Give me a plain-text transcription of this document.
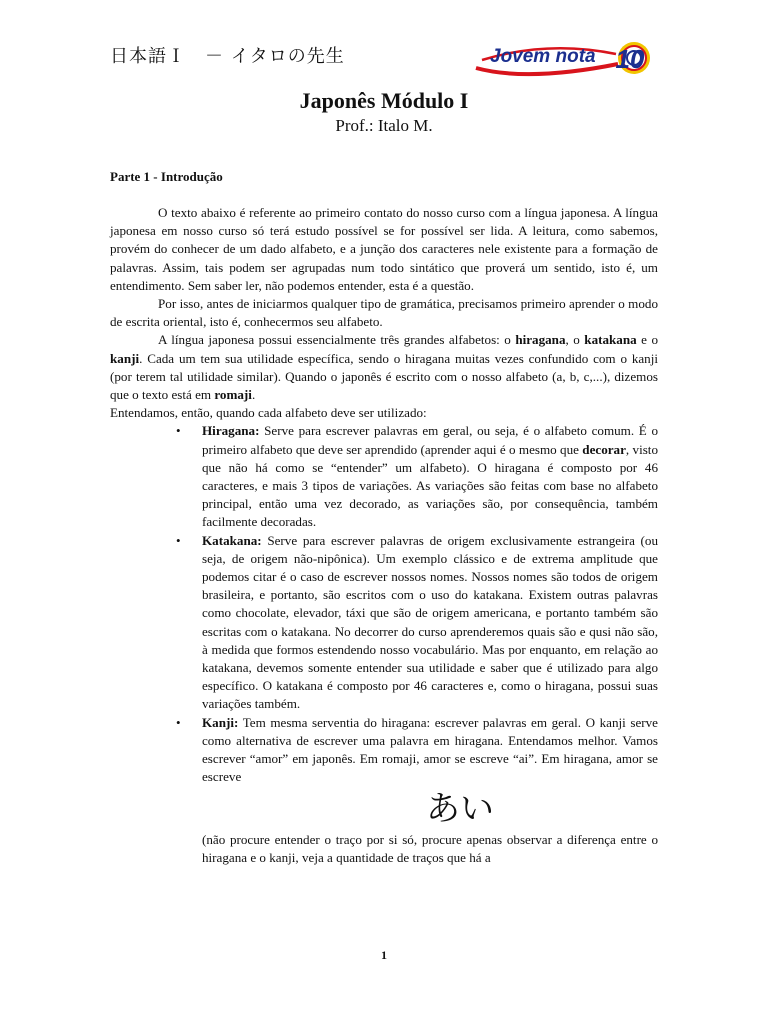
日本語Ｉ　－ イタロの先生	Jovem nota 10
Japonês Módulo I
Prof.: Italo M.
Parte 1 - Introdução

O texto abaixo é referente ao primeiro contato do nosso curso com a língua japonesa. A língua japonesa em nosso curso só terá estudo possível se for possível ser lida. A leitura, como sabemos, provém do conhecer de um dado alfabeto, e a junção dos caracteres nele existente para a formação de palavras. Assim, tais podem ser agrupadas num todo sintático que proverá um sentido, isto é, um entendimento. Sem saber ler, não podemos entender, esta é a questão.

Por isso, antes de iniciarmos qualquer tipo de gramática, precisamos primeiro aprender o modo de escrita oriental, isto é, conhecermos seu alfabeto.

A língua japonesa possui essencialmente três grandes alfabetos: o hiragana, o katakana e o kanji. Cada um tem sua utilidade específica, sendo o hiragana muitas vezes confundido com o kanji (por terem tal utilidade similar). Quando o japonês é escrito com o nosso alfabeto (a, b, c,...), dizemos que o texto está em romaji.

Entendamos, então, quando cada alfabeto deve ser utilizado:

• Hiragana: Serve para escrever palavras em geral, ou seja, é o alfabeto comum. É o primeiro alfabeto que deve ser aprendido (aprender aqui é o mesmo que decorar, visto que não há como se “entender” um alfabeto). O hiragana é composto por 46 caracteres, e mais 3 tipos de variações. As variações são feitas com base no alfabeto principal, então uma vez decorado, as variações são, por consequência, também facilmente decoradas.
• Katakana: Serve para escrever palavras de origem exclusivamente estrangeira (ou seja, de origem não-nipônica). Um exemplo clássico e de extrema amplitude que podemos citar é o caso de escrever nossos nomes. Nossos nomes são todos de origem brasileira, e portanto, são escritos com o uso do katakana. Existem outras palavras como chocolate, elevador, táxi que são de origem americana, e portanto também são escritas com o katakana. No decorrer do curso aprenderemos quais são e qusi não são, à medida que formos estendendo nosso vocabulário. Mas por enquanto, em relação ao katakana, devemos somente entender sua utilidade e saber que é utilizado para algo específico. O katakana é composto por 46 caracteres e, como o hiragana, possui suas variações também.
• Kanji: Tem mesma serventia do hiragana: escrever palavras em geral. O kanji serve como alternativa de escrever uma palavra em hiragana. Entendamos melhor. Vamos escrever “amor” em japonês. Em romaji, amor se escreve “ai”. Em hiragana, amor se escreve
あい
(não procure entender o traço por si só, procure apenas observar a diferença entre o hiragana e o kanji, veja a quantidade de traços que há a
1
